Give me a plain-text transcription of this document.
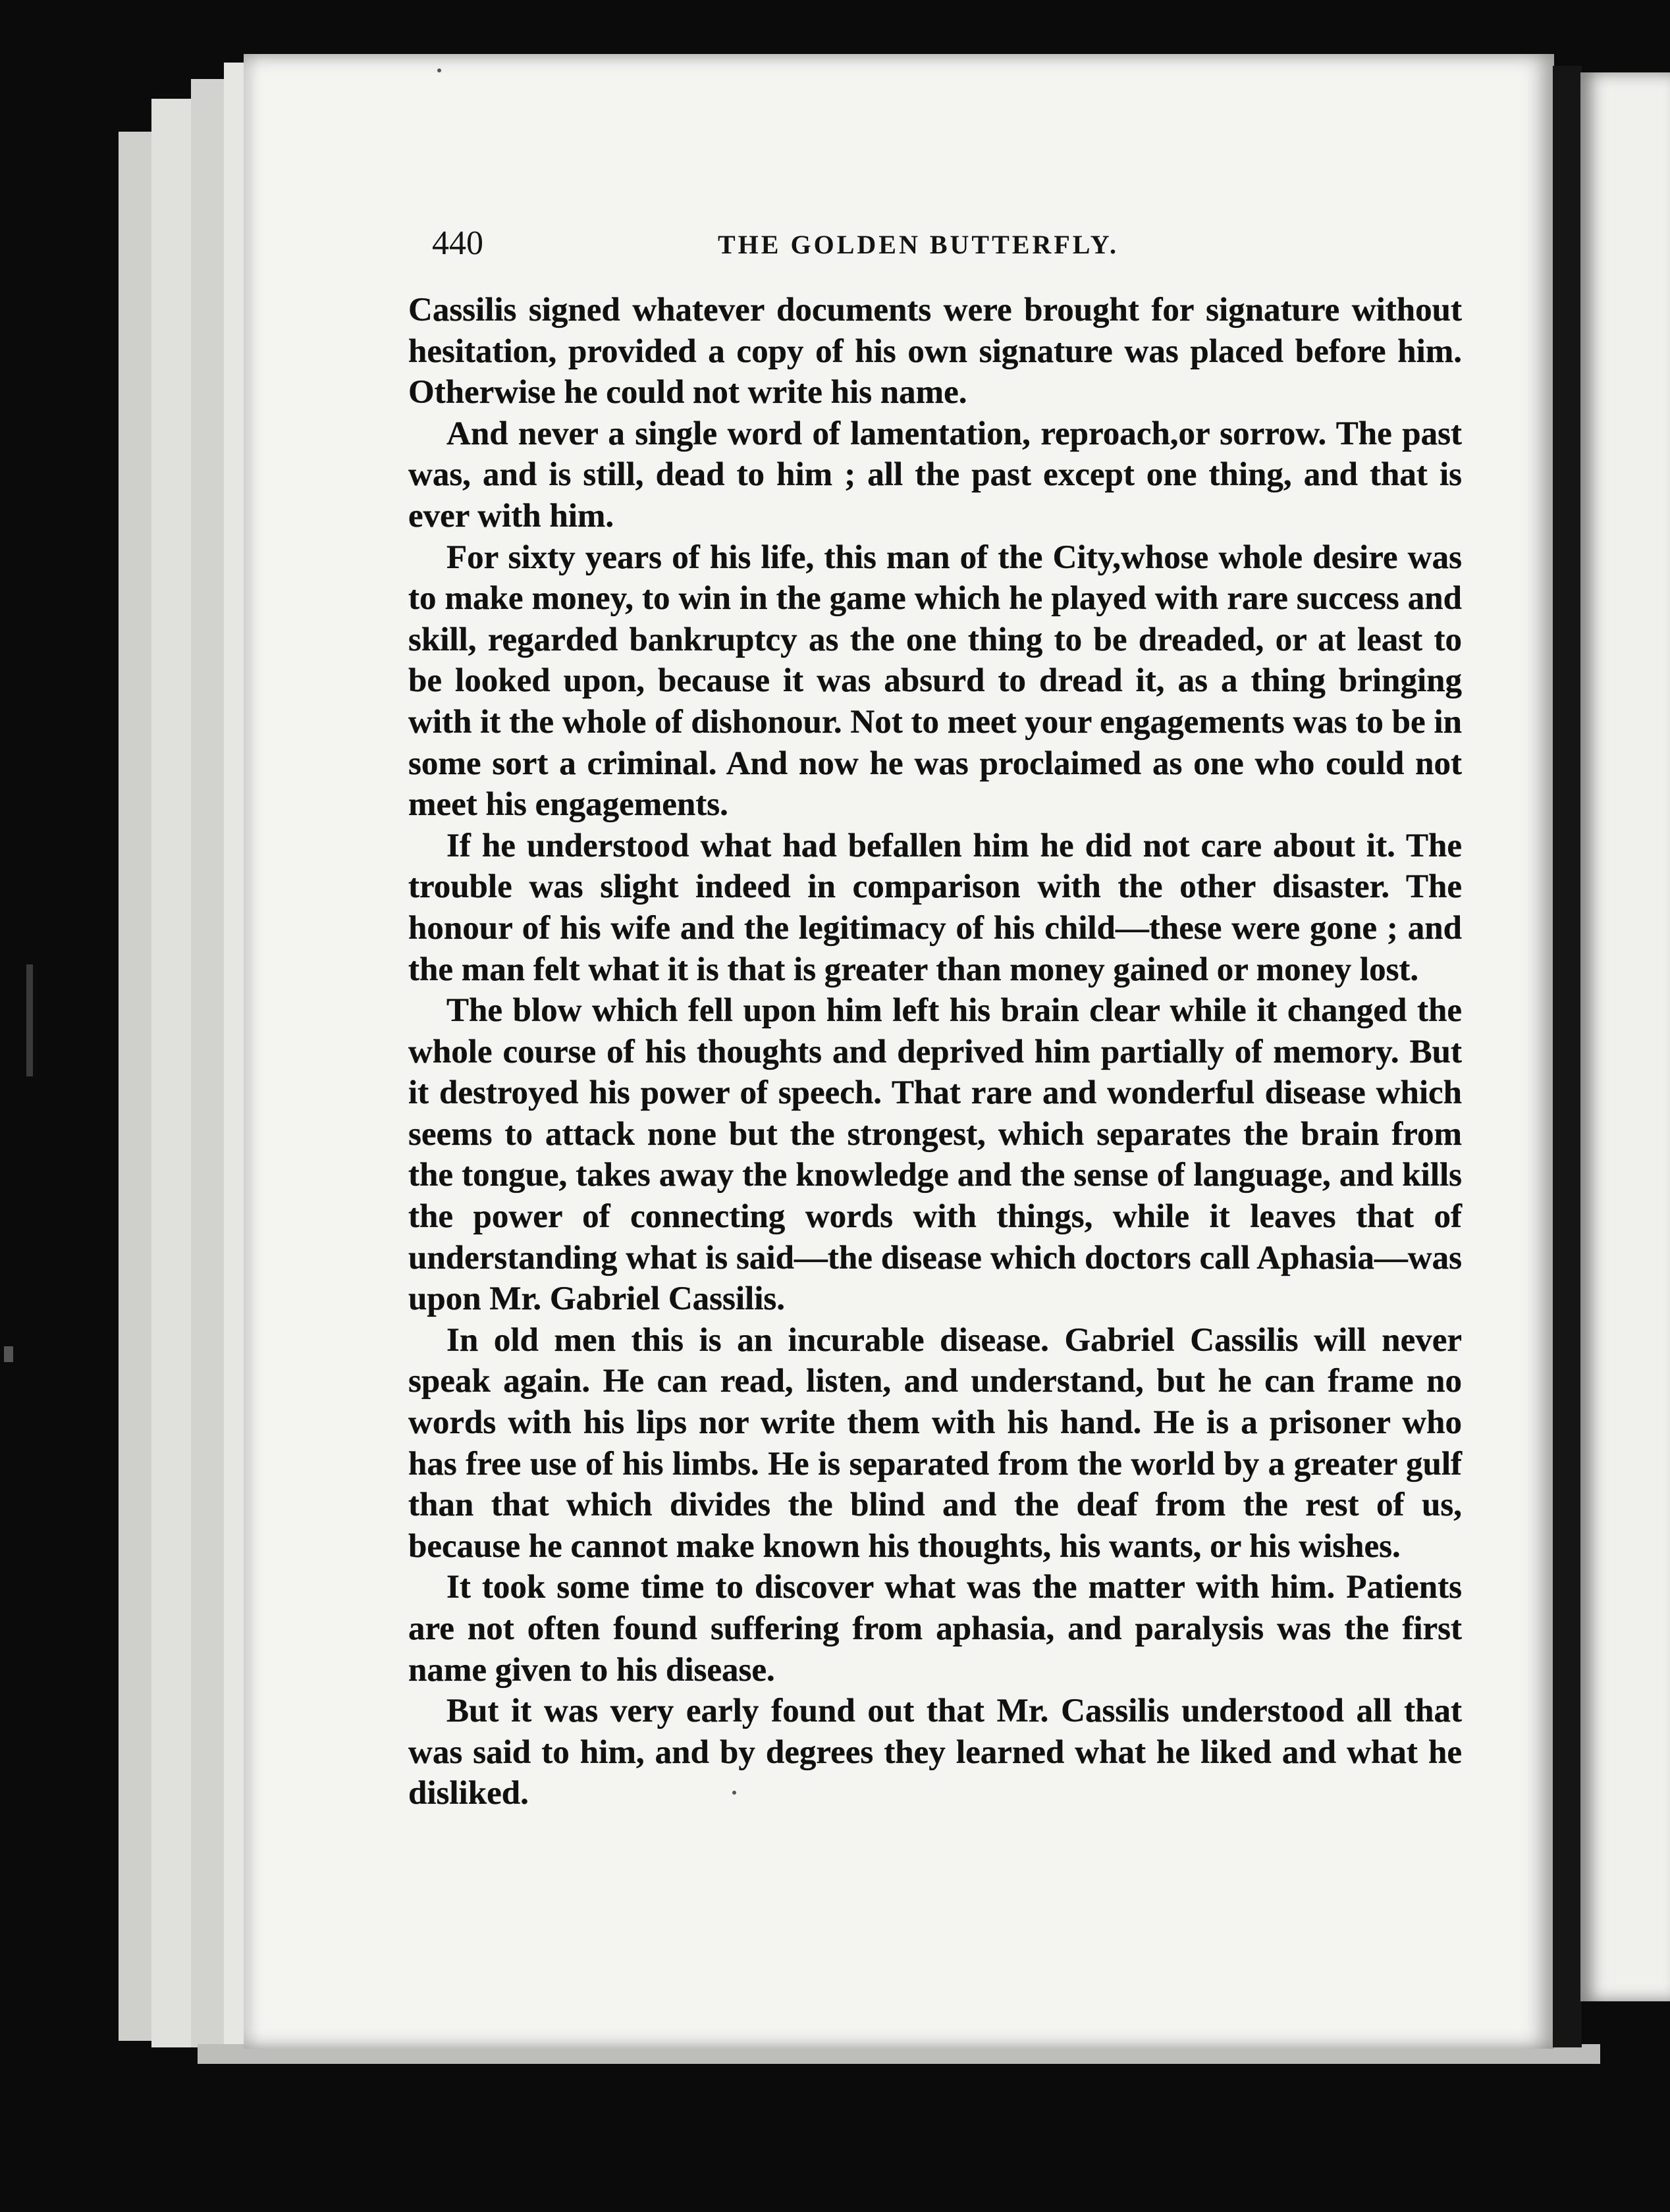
440	THE GOLDEN BUTTERFLY.

Cassilis signed whatever documents were brought for signature without hesitation, provided a copy of his own signature was placed before him. Otherwise he could not write his name.

And never a single word of lamentation, reproach,or sorrow. The past was, and is still, dead to him ; all the past except one thing, and that is ever with him.

For sixty years of his life, this man of the City,whose whole desire was to make money, to win in the game which he played with rare success and skill, regarded bankruptcy as the one thing to be dreaded, or at least to be looked upon, because it was absurd to dread it, as a thing bringing with it the whole of dishonour. Not to meet your engagements was to be in some sort a criminal. And now he was proclaimed as one who could not meet his engagements.

If he understood what had befallen him he did not care about it. The trouble was slight indeed in comparison with the other disaster. The honour of his wife and the legitimacy of his child—these were gone ; and the man felt what it is that is greater than money gained or money lost.

The blow which fell upon him left his brain clear while it changed the whole course of his thoughts and deprived him partially of memory. But it destroyed his power of speech. That rare and wonderful disease which seems to attack none but the strongest, which separates the brain from the tongue, takes away the knowledge and the sense of language, and kills the power of connecting words with things, while it leaves that of understanding what is said—the disease which doctors call Aphasia—was upon Mr. Gabriel Cassilis.

In old men this is an incurable disease. Gabriel Cassilis will never speak again. He can read, listen, and understand, but he can frame no words with his lips nor write them with his hand. He is a prisoner who has free use of his limbs. He is separated from the world by a greater gulf than that which divides the blind and the deaf from the rest of us, because he cannot make known his thoughts, his wants, or his wishes.

It took some time to discover what was the matter with him. Patients are not often found suffering from aphasia, and paralysis was the first name given to his disease.

But it was very early found out that Mr. Cassilis understood all that was said to him, and by degrees they learned what he liked and what he disliked.
